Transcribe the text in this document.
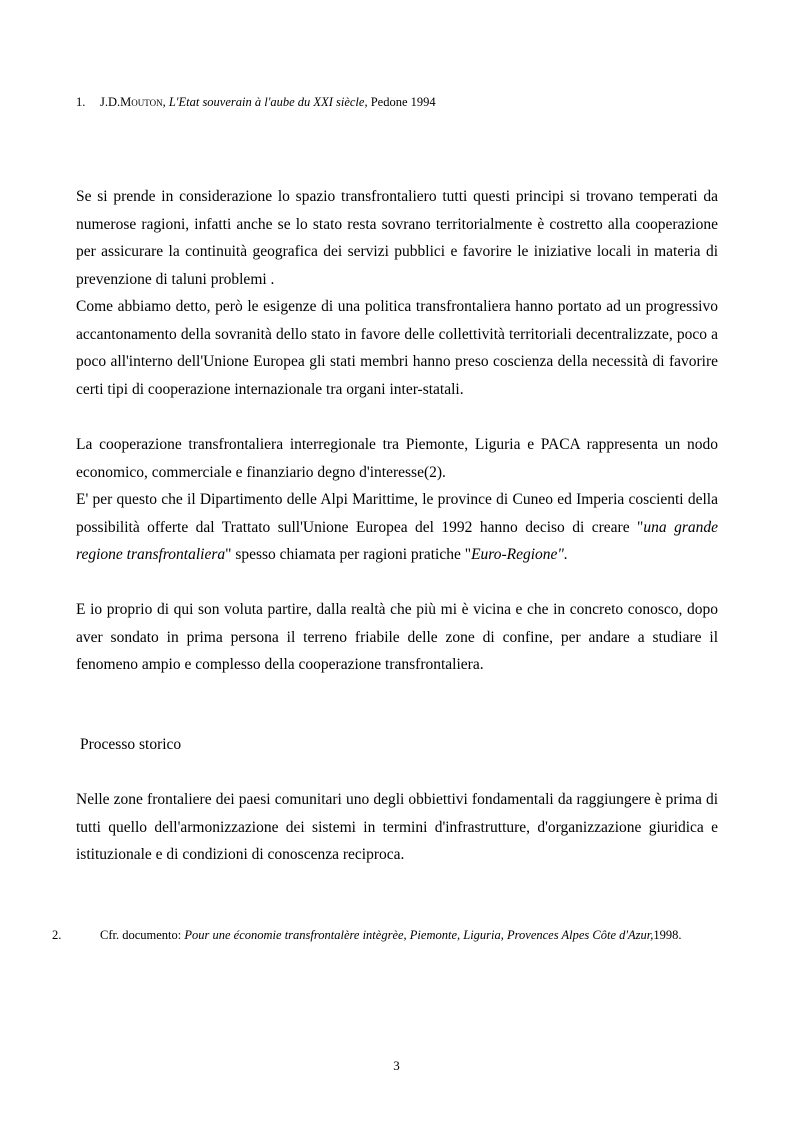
1. J.D.Mouton, L'Etat souverain à l'aube du XXI siècle, Pedone 1994

Se si prende in considerazione lo spazio transfrontaliero tutti questi principi si trovano temperati da numerose ragioni, infatti anche se lo stato resta sovrano territorialmente è costretto alla cooperazione per assicurare la continuità geografica dei servizi pubblici e favorire le iniziative locali in materia di prevenzione di taluni problemi .

Come abbiamo detto, però le esigenze di una politica transfrontaliera hanno portato ad un progressivo accantonamento della sovranità dello stato in favore delle collettività territoriali decentralizzate, poco a poco all'interno dell'Unione Europea gli stati membri hanno preso coscienza della necessità di favorire certi tipi di cooperazione internazionale tra organi inter-statali.

La cooperazione transfrontaliera interregionale tra Piemonte, Liguria e PACA rappresenta un nodo economico, commerciale e finanziario degno d'interesse(2).

E' per questo che il Dipartimento delle Alpi Marittime, le province di Cuneo ed Imperia coscienti della possibilità offerte dal Trattato sull'Unione Europea del 1992 hanno deciso di creare "una grande regione transfrontaliera" spesso chiamata per ragioni pratiche "Euro-Regione".

E io proprio di qui son voluta partire, dalla realtà che più mi è vicina e che in concreto conosco, dopo aver sondato in prima persona il terreno friabile delle zone di confine, per andare a studiare il fenomeno ampio e complesso della cooperazione transfrontaliera.

Processo storico

Nelle zone frontaliere dei paesi comunitari uno degli obbiettivi fondamentali da raggiungere è prima di tutti quello dell'armonizzazione dei sistemi in termini d'infrastrutture, d'organizzazione giuridica e istituzionale e di condizioni di conoscenza reciproca.

2.	Cfr. documento: Pour une économie transfrontalère intègrèe, Piemonte, Liguria, Provences Alpes Côte d'Azur,1998.
3
